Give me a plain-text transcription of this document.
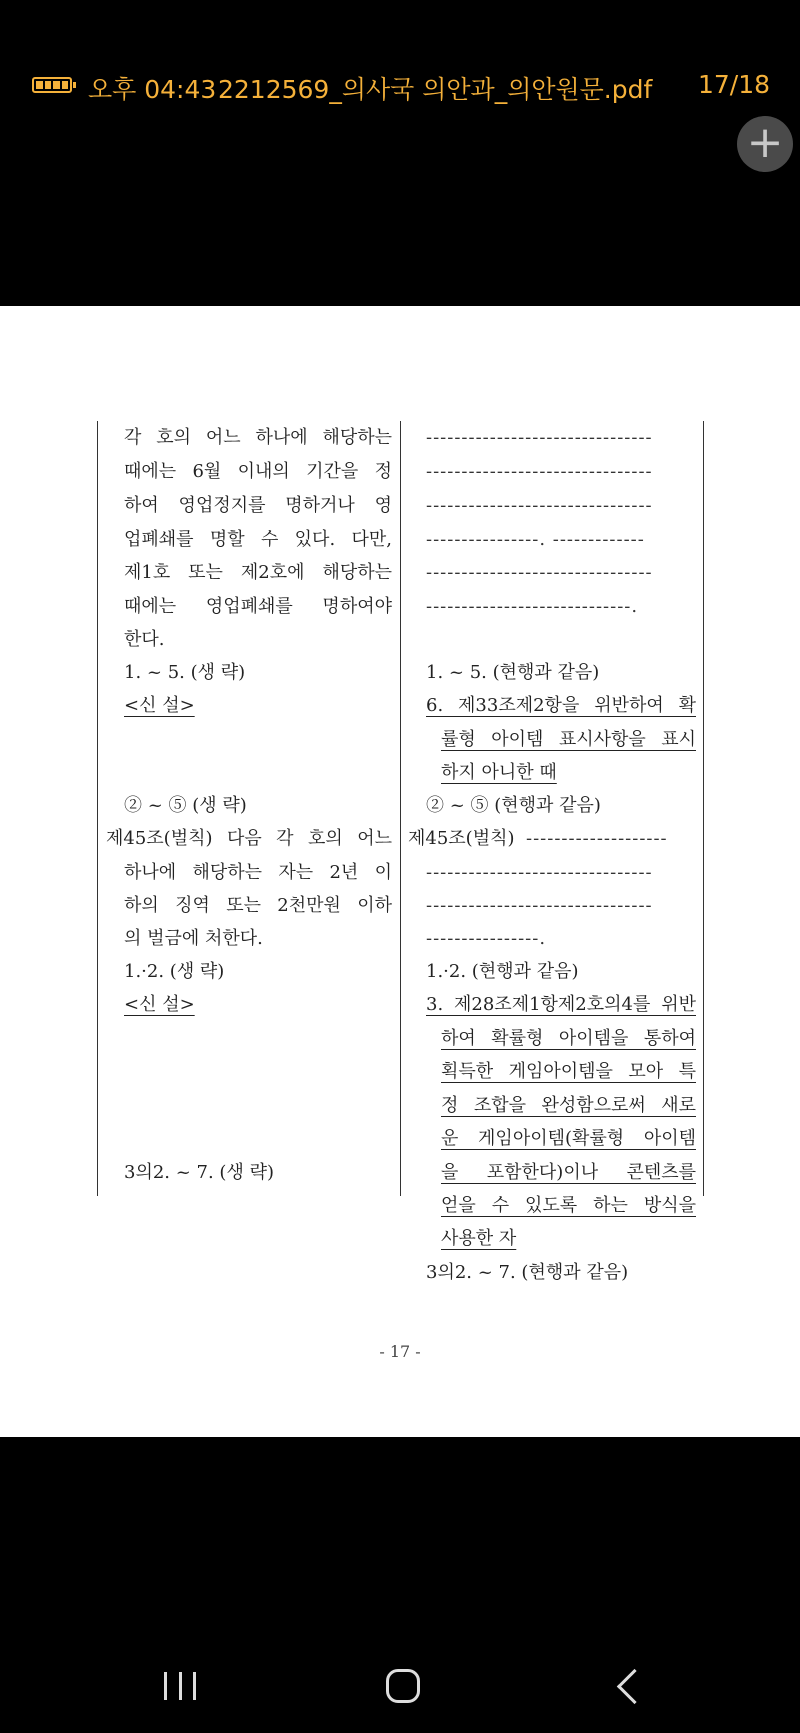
오후 04:43 2212569_의사국 의안과_의안원문.pdf 17/18
+
각 호의 어느 하나에 해당하는
때에는 6월 이내의 기간을 정
하여 영업정지를 명하거나 영
업폐쇄를 명할 수 있다. 다만,
제1호 또는 제2호에 해당하는
때에는 영업폐쇄를 명하여야
한다.
1. ~ 5. (생 략)
<신 설>
② ~ ⑤ (생 략)
제45조(벌칙) 다음 각 호의 어느
하나에 해당하는 자는 2년 이
하의 징역 또는 2천만원 이하
의 벌금에 처한다.
1.·2. (생 략)
<신 설>
3의2. ~ 7. (생 략)
--------------------------------
--------------------------------
--------------------------------
----------------. -------------
--------------------------------
-----------------------------.
1. ~ 5. (현행과 같음)
6. 제33조제2항을 위반하여 확
률형 아이템 표시사항을 표시
하지 아니한 때
② ~ ⑤ (현행과 같음)
제45조(벌칙) --------------------
--------------------------------
--------------------------------
----------------.
1.·2. (현행과 같음)
3. 제28조제1항제2호의4를 위반
하여 확률형 아이템을 통하여
획득한 게임아이템을 모아 특
정 조합을 완성함으로써 새로
운 게임아이템(확률형 아이템
을 포함한다)이나 콘텐츠를
얻을 수 있도록 하는 방식을
사용한 자
3의2. ~ 7. (현행과 같음)
- 17 -
